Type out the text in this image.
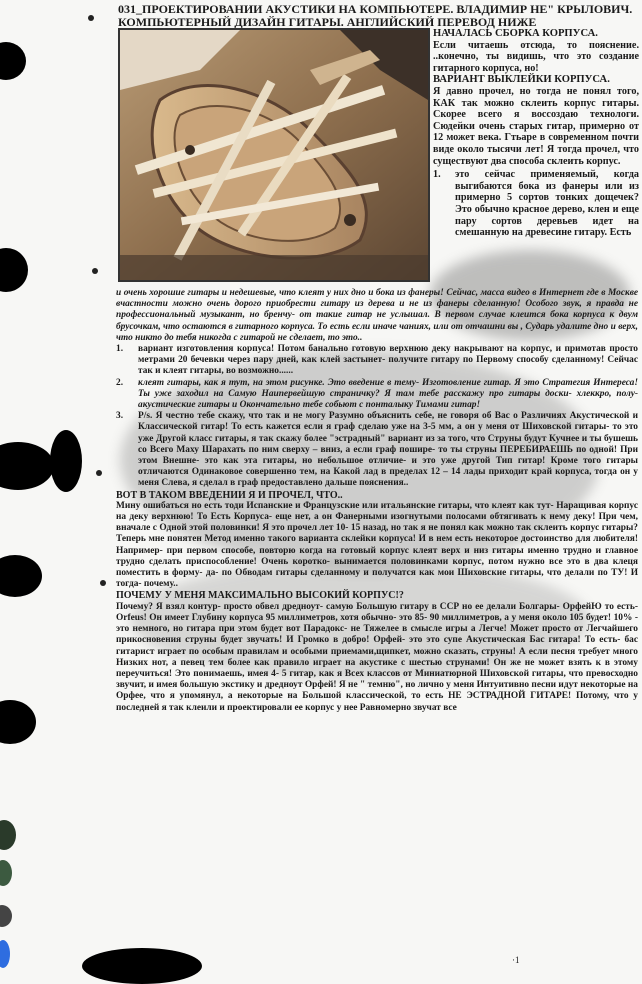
031_ПРОЕКТИРОВАНИИ АКУСТИКИ НА КОМПЬЮТЕРЕ. ВЛАДИМИР НЕ" КРЫЛОВИЧ.
КОМПЬЮТЕРНЫЙ ДИЗАЙН ГИТАРЫ. АНГЛИЙСКИЙ ПЕРЕВОД НИЖЕ
НАЧАЛАСЬ СБОРКА КОРПУСА.
Если читаешь отсюда, то пояснение. ..конечно, ты видишь, что это создание гитарного корпуса, но!
ВАРИАНТ ВЫКЛЕЙКИ КОРПУСА.
Я давно прочел, но тогда не понял того, КАК так можно склеить корпус гитары. Скорее всего я воссоздаю технологи. Сюдейки очень старых гитар, примерно от 12 может века. Гтьаре в современном почти виде около тысячи лет! Я тогда прочел, что существуют два способа склеить корпус.
1.	это сейчас применяемый, когда выгибаются бока из фанеры или из примерно 5 сортов тонких дощечек? Это обычно красное дерево, клен и еще пару сортов деревьев идет на смешанную на древесине гитару. Есть

и очень хорошие гитары и недешевые, что клеят у них дно и бока из фанеры! Сейчас, масса видео в Интернет где в Москве вчастности можно очень дорого приобрести гитару из дерева и не из фанеры сделанную! Особого звук, я правда не профессиональный музыкант, но бренчу- от такие гитар не услышал. В первом случае клеится бока корпуса к двум брусочкам, что остаются в гитарного корпуса. То есть если иначе чаниях, или от отчашни вы , Сударь удалите дно и верх, что никто до тебя никогда с гитарой не сделает, то это..

1.	вариант изготовления корпуса! Потом банально готовую верхнюю деку накрывают на корпус, и примотав просто метрами 20 бечевки через пару дней, как клей застынет- получите гитару по Первому способу сделанному! Сейчас так и клеят гитары, во возможно......
2.	клеят гитары, как я тут, на этом рисунке. Это введение в тему- Изготовление гитар. Я это Стратегия Интереса! Ты уже заходил на Самую Наипервейшую страничку? Я там тебе расскажу про гитары доски- хлеккро, полу- акустические гитары и Окончательно тебе собьют с понталыку Тимами гитар!
3.	P/s. Я честно тебе скажу, что так и не могу Разумно объяснить себе, не говоря об Вас о Различиях Акустической и Классической гитар! То есть кажется если я граф сделаю уже на 3-5 мм, а он у меня от Шиховской гитары- то это уже Другой класс гитары, я так скажу более "эстрадный" вариант из за того, что Струны будут Кучнее и ты бушешь со Всего Маху Шарахать по ним сверху – вниз, а если граф пошире- то ты струны ПЕРЕБИРАЕШЬ по одной! При этом Внешне- это как эта гитары, но небольшое отличие- и это уже другой Тип гитар! Кроме того гитары отличаются Одинаковое совершенно тем, на Какой лад в пределах 12 – 14 лады приходит край корпуса, тогда он у меня Слева, я сделал в граф предоставлено дальше пояснения..

ВОТ В ТАКОМ ВВЕДЕНИИ Я И ПРОЧЕЛ, ЧТО..

Мину ошибаться но есть тоди Испанские и Французские или итальянские гитары, что клеят как тут- Наращивая корпус на деку верхнюю! То Есть Корпуса- еще нет, а он Фанерными изогнутыми полосами обтягивать к нему деку! При чем, вначале с Одной этой половинки! Я это прочел лет 10- 15 назад, но так я не понял как можно так склеить корпус гитары? Теперь мне понятен Метод именно такого варианта склейки корпуса! И в нем есть некоторое достоинство для любителя! Например- при первом способе, повторю когда на готовый корпус клеят верх и низ гитары именно трудно и главное трудно сделать приспособление! Очень коротко- вынимается половинками корпус, потом нужно все это в два клеця поместить в форму- да- по Обводам гитары сделанному и получатся как мои Шиховские гитары, что делали по ТУ! И тогда- почему..

ПОЧЕМУ У МЕНЯ МАКСИМАЛЬНО ВЫСОКИЙ КОРПУС!?

Почему? Я взял контур- просто обвел дредноут- самую Большую гитару в ССР но ее делали Болгары- ОрфейЮ то есть- Orfeus! Он имеет Глубину корпуса 95 миллиметров, хотя обычно- это 85- 90 миллиметров, а у меня около 105 будет! 10% - это немного, но гитара при этом будет вот Парадокс- не Тяжелее в смысле игры а Легче! Может просто от Легчайшего прикосновения струны будет звучать! И Громко в добро! Орфей- это это супе Акустическая Бас гитара! То есть- бас гитарист играет по особым правилам и особыми приемами,щипкет, можно сказать, струны! А если песня требует много Низких нот, а певец тем более как правило играет на акустике с шестью струнами! Он же не может взять к в этому переучиться! Это понимаешь, имея 4- 5 гитар, как я Всех классов от Миниатюрной Шиховской гитары, что превосходно звучит, и имея большую экстику и дредноут Орфей! Я не " темню", но лично у меня Интуитивно песни идут некоторые на Орфее, что я упомянул, а некоторые на Большой классической, то есть НЕ ЭСТРАДНОЙ ГИТАРЕ! Потому, что у последней я так клеили и проектировали ее корпус у нее Равномерно звучат все

·1
